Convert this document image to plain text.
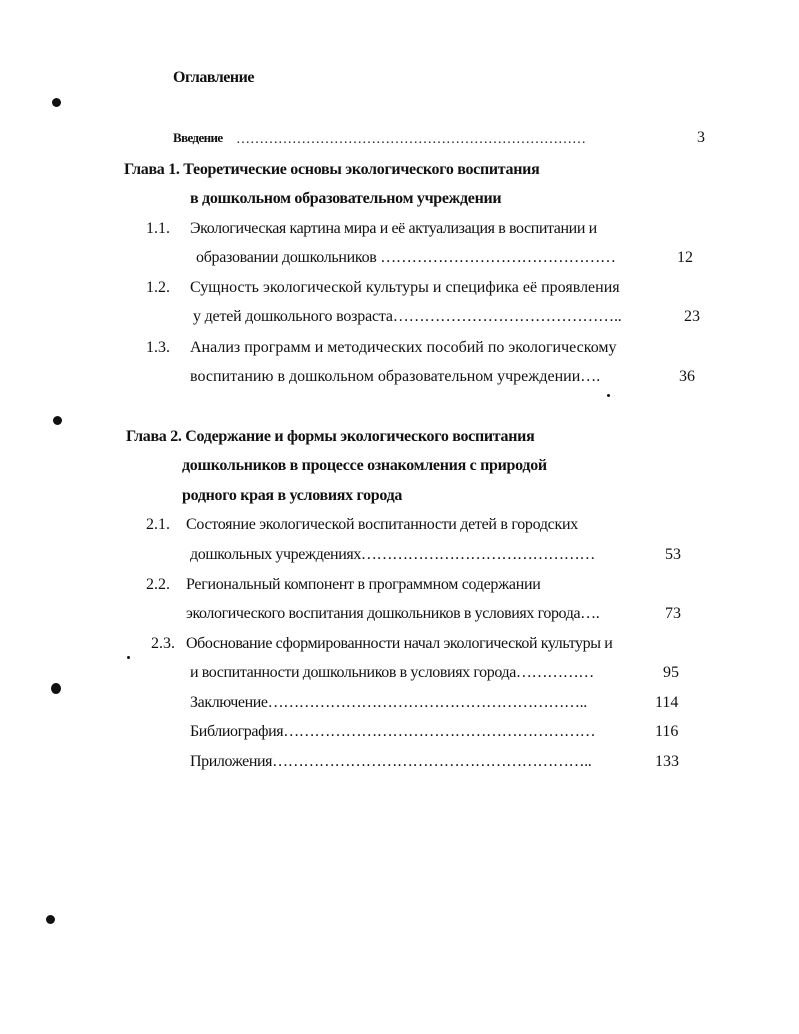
Оглавление
Введение …………………………………………………………………	3
Глава 1. Теоретические основы экологического воспитания
в дошкольном образовательном учреждении
1.1. Экологическая картина мира и её актуализация в воспитании и
образовании дошкольников ………………………………………	12
1.2. Сущность экологической культуры и специфика её проявления
у детей дошкольного возраста……………………………………..	23
1.3. Анализ программ и методических пособий по экологическому
воспитанию в дошкольном образовательном учреждении….	36
Глава 2. Содержание и формы экологического воспитания
дошкольников в процессе ознакомления с природой
родного края в условиях города
2.1. Состояние экологической воспитанности детей в городских
дошкольных учреждениях………………………………………	53
2.2. Региональный компонент в программном содержании
экологического воспитания дошкольников в условиях города….	73
2.3. Обоснование сформированности начал экологической культуры и
и воспитанности дошкольников в условиях города……………	95
Заключение……………………………………………………..	114
Библиография……………………………………………………	116
Приложения……………………………………………………..	133
